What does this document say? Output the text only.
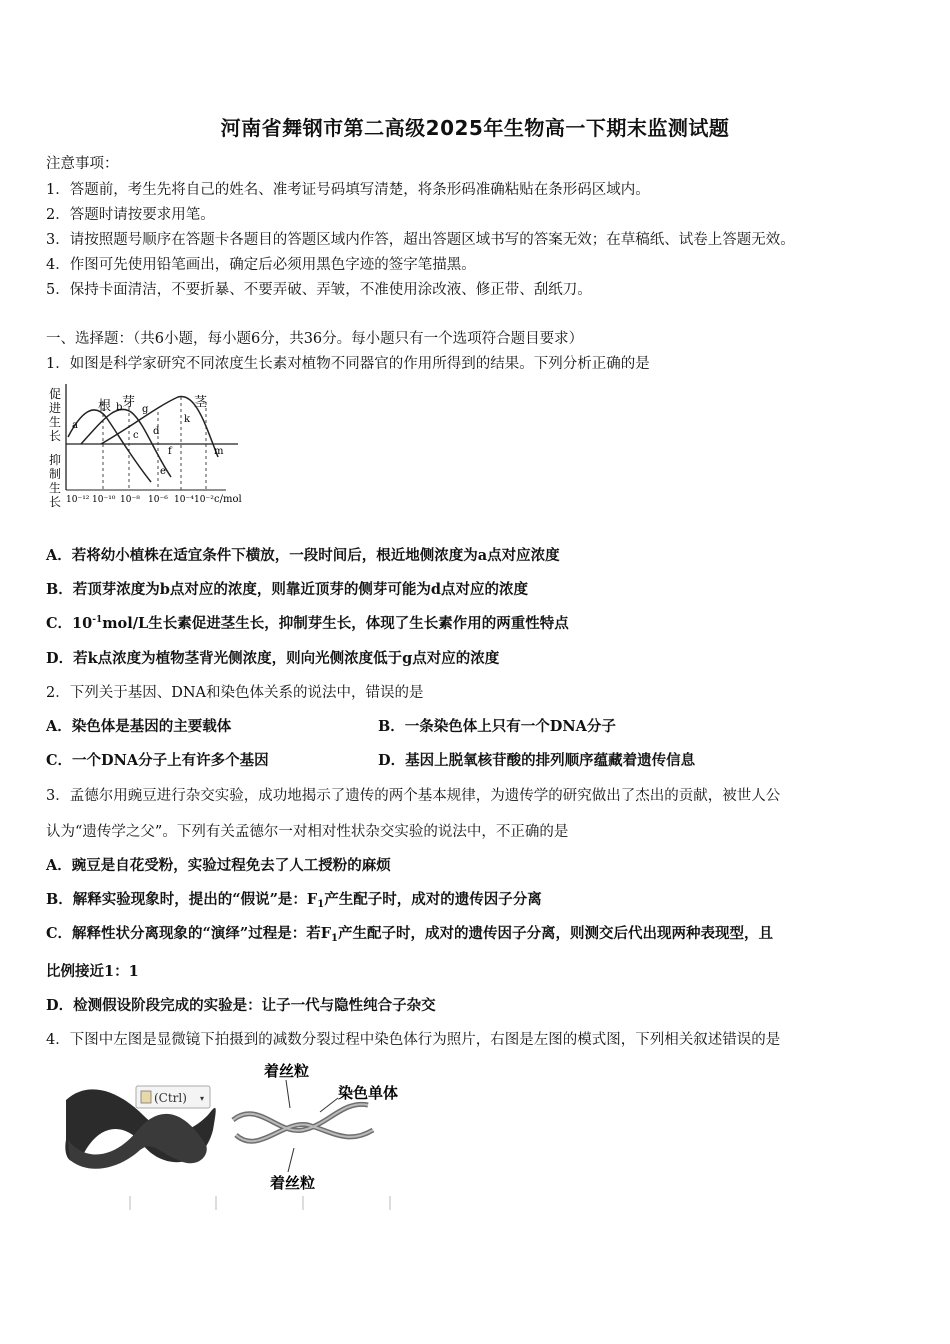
河南省舞钢市第二高级2025年生物高一下期末监测试题
注意事项：
1．答题前，考生先将自己的姓名、准考证号码填写清楚，将条形码准确粘贴在条形码区域内。
2．答题时请按要求用笔。
3．请按照题号顺序在答题卡各题目的答题区域内作答，超出答题区域书写的答案无效；在草稿纸、试卷上答题无效。
4．作图可先使用铅笔画出，确定后必须用黑色字迹的签字笔描黑。
5．保持卡面清洁，不要折暴、不要弄破、弄皱，不准使用涂改液、修正带、刮纸刀。
一、选择题：（共6小题，每小题6分，共36分。每小题只有一个选项符合题目要求）
1．如图是科学家研究不同浓度生长素对植物不同器官的作用所得到的结果。下列分析正确的是
促
进
生
长
抑
制
生
长
根 芽	茎
a
b
c d
e
f
g
k
m
10⁻¹² 10⁻¹⁰ 10⁻⁸ 10⁻⁶ 10⁻⁴ 10⁻² c/mol
A．若将幼小植株在适宜条件下横放，一段时间后，根近地侧浓度为a点对应浓度
B．若顶芽浓度为b点对应的浓度，则靠近顶芽的侧芽可能为d点对应的浓度
C．$10^{-1}mol/L$生长素促进茎生长，抑制芽生长，体现了生长素作用的两重性特点
D．若k点浓度为植物茎背光侧浓度，则向光侧浓度低于g点对应的浓度
2．下列关于基因、DNA和染色体关系的说法中，错误的是
A．染色体是基因的主要载体	B．一条染色体上只有一个DNA分子
C．一个DNA分子上有许多个基因	D．基因上脱氧核苷酸的排列顺序蕴藏着遗传信息
3．孟德尔用豌豆进行杂交实验，成功地揭示了遗传的两个基本规律，为遗传学的研究做出了杰出的贡献，被世人公
认为“遗传学之父”。下列有关孟德尔一对相对性状杂交实验的说法中，不正确的是
A．豌豆是自花受粉，实验过程免去了人工授粉的麻烦
B．解释实验现象时，提出的“假说”是：$F_1$产生配子时，成对的遗传因子分离
C．解释性状分离现象的“演绎”过程是：若$F_1$产生配子时，成对的遗传因子分离，则测交后代出现两种表现型，且
比例接近1：1
D．检测假设阶段完成的实验是：让子一代与隐性纯合子杂交
4．下图中左图是显微镜下拍摄到的减数分裂过程中染色体行为照片，右图是左图的模式图，下列相关叙述错误的是
(Ctrl) ▾
着丝粒
染色单体
着丝粒
